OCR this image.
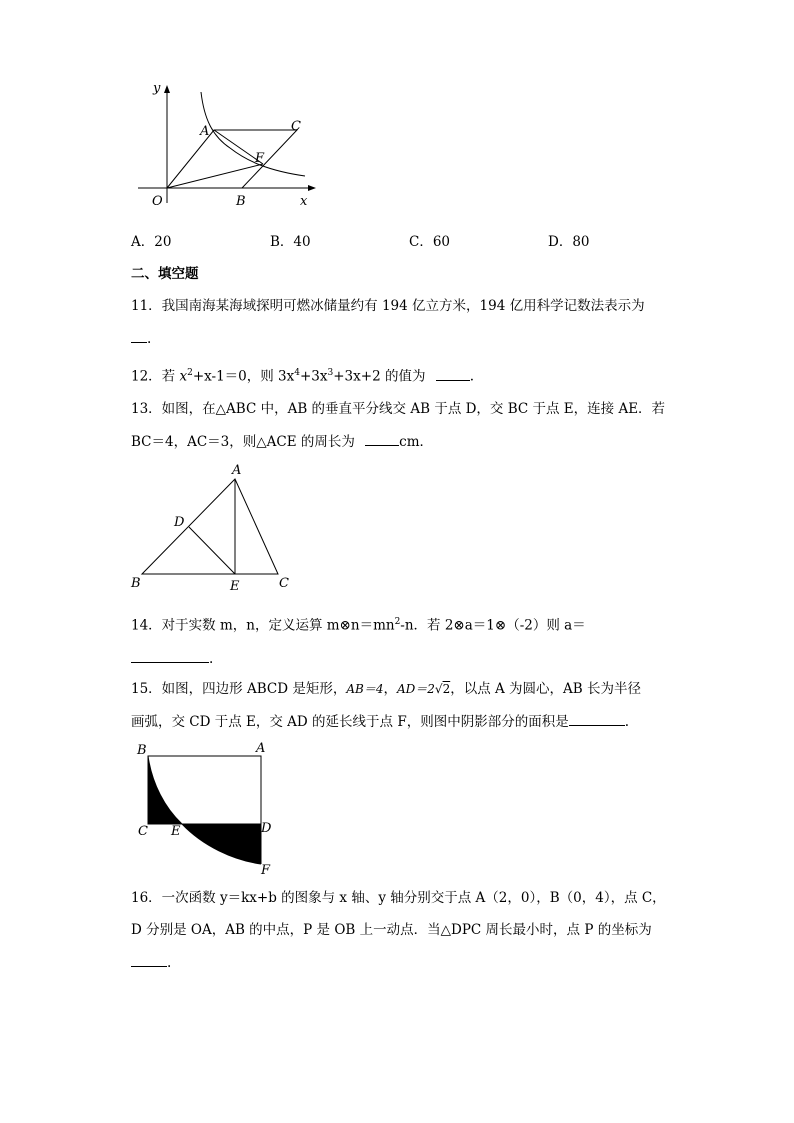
y
A	C
F
O	B	x
A．20	B．40	C．60	D．80
二、填空题
11．我国南海某海域探明可燃冰储量约有 194 亿立方米，194 亿用科学记数法表示为
.
12．若 $x^2+x-1=0$，则 $3x^4+3x^3+3x+2$ 的值为	.
13．如图，在△ABC 中，AB 的垂直平分线交 AB 于点 D，交 BC 于点 E，连接 AE．若
BC＝4，AC＝3，则△ACE 的周长为	cm．
A
D
B	E	C
14．对于实数 m，n，定义运算 $m\otimes n=mn^2-n$．若 2⊗a＝1⊗（-2）则 a＝
.
15．如图，四边形 ABCD 是矩形，AB＝4，AD＝2√2，以点 A 为圆心，AB 长为半径
画弧，交 CD 于点 E，交 AD 的延长线于点 F，则图中阴影部分的面积是	.
B	A
C E	D
F
16．一次函数 y＝kx+b 的图象与 x 轴、y 轴分别交于点 A（2，0），B（0，4），点 C，
D 分别是 OA，AB 的中点，P 是 OB 上一动点．当△DPC 周长最小时，点 P 的坐标为
.
